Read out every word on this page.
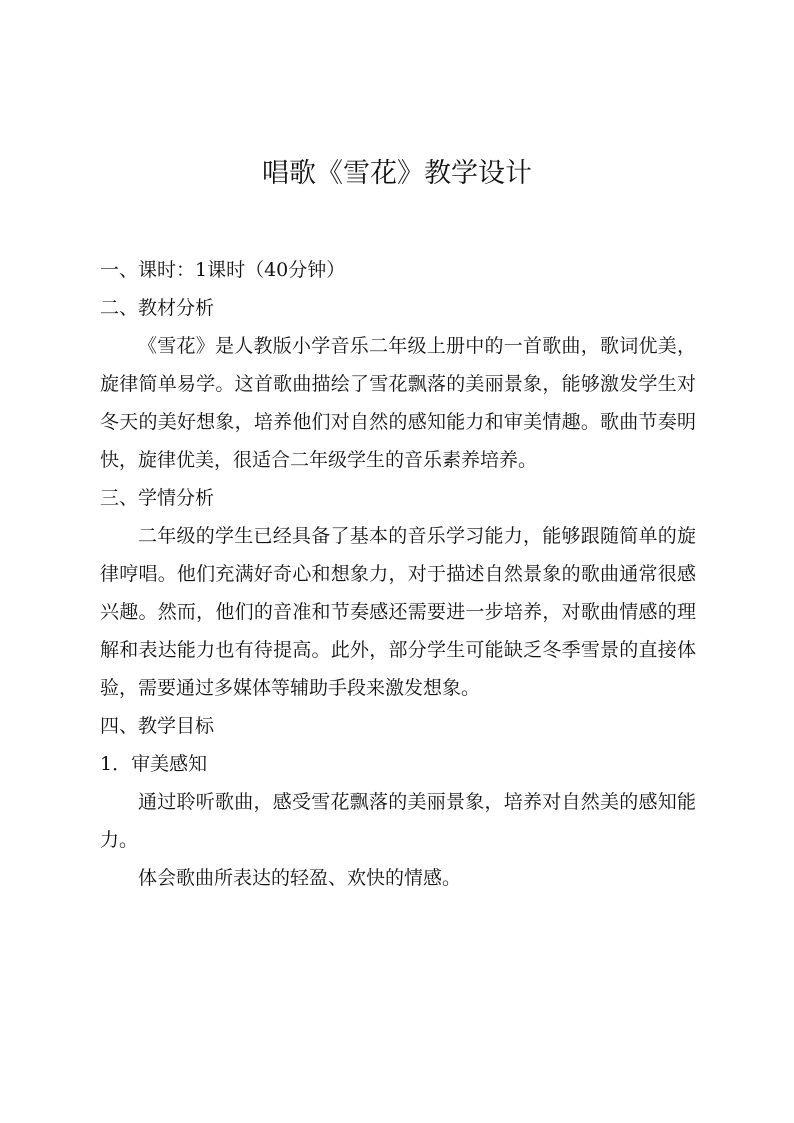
唱歌《雪花》教学设计

一、课时：1课时（40分钟）

二、教材分析

《雪花》是人教版小学音乐二年级上册中的一首歌曲，歌词优美，旋律简单易学。这首歌曲描绘了雪花飘落的美丽景象，能够激发学生对冬天的美好想象，培养他们对自然的感知能力和审美情趣。歌曲节奏明快，旋律优美，很适合二年级学生的音乐素养培养。

三、学情分析

二年级的学生已经具备了基本的音乐学习能力，能够跟随简单的旋律哼唱。他们充满好奇心和想象力，对于描述自然景象的歌曲通常很感兴趣。然而，他们的音准和节奏感还需要进一步培养，对歌曲情感的理解和表达能力也有待提高。此外，部分学生可能缺乏冬季雪景的直接体验，需要通过多媒体等辅助手段来激发想象。

四、教学目标

1．审美感知

通过聆听歌曲，感受雪花飘落的美丽景象，培养对自然美的感知能力。

体会歌曲所表达的轻盈、欢快的情感。
